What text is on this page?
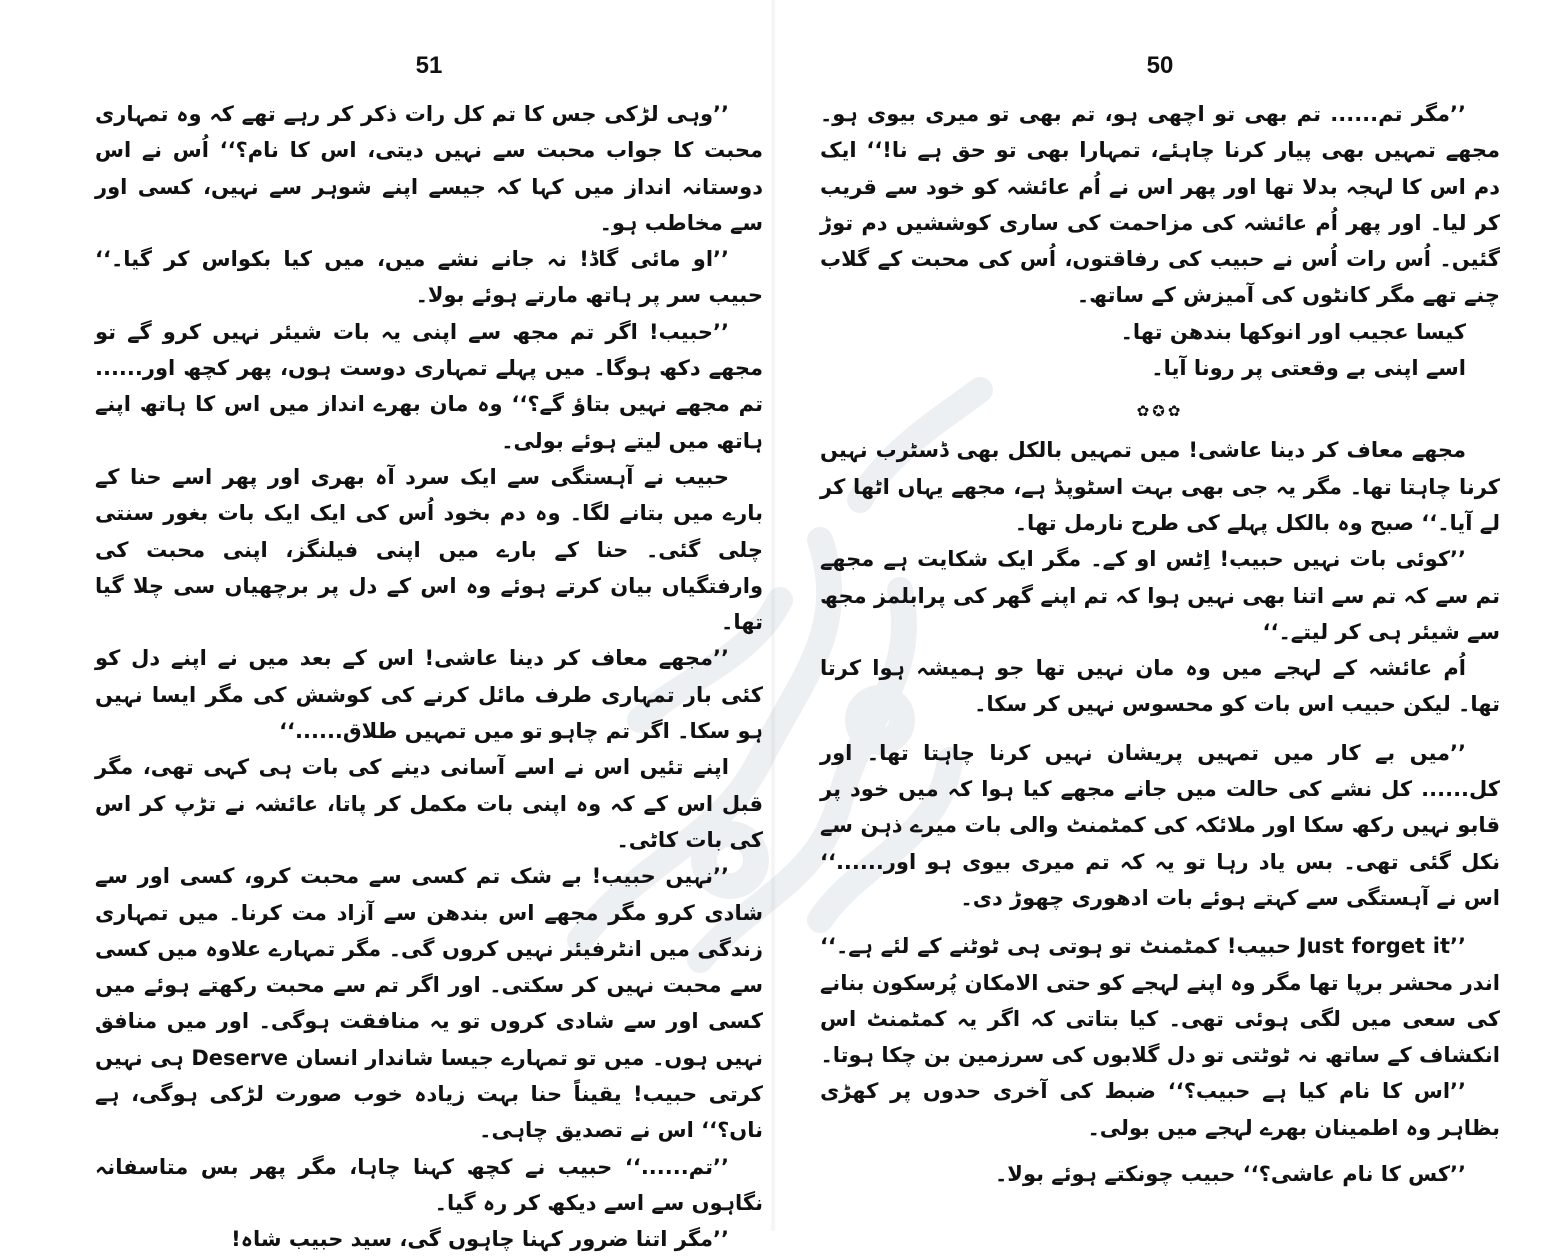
51

’’وہی لڑکی جس کا تم کل رات ذکر کر رہے تھے کہ وہ تمہاری محبت کا جواب محبت سے نہیں دیتی، اس کا نام؟‘‘ اُس نے اس دوستانہ انداز میں کہا کہ جیسے اپنے شوہر سے نہیں، کسی اور سے مخاطب ہو۔

’’او مائی گاڈ! نہ جانے نشے میں، میں کیا بکواس کر گیا۔‘‘ حبیب سر پر ہاتھ مارتے ہوئے بولا۔

’’حبیب! اگر تم مجھ سے اپنی یہ بات شیئر نہیں کرو گے تو مجھے دکھ ہوگا۔ میں پہلے تمہاری دوست ہوں، پھر کچھ اور...... تم مجھے نہیں بتاؤ گے؟‘‘ وہ مان بھرے انداز میں اس کا ہاتھ اپنے ہاتھ میں لیتے ہوئے بولی۔

حبیب نے آہستگی سے ایک سرد آہ بھری اور پھر اسے حنا کے بارے میں بتانے لگا۔ وہ دم بخود اُس کی ایک ایک بات بغور سنتی چلی گئی۔ حنا کے بارے میں اپنی فیلنگز، اپنی محبت کی وارفتگیاں بیان کرتے ہوئے وہ اس کے دل پر برچھیاں سی چلا گیا تھا۔

’’مجھے معاف کر دینا عاشی! اس کے بعد میں نے اپنے دل کو کئی بار تمہاری طرف مائل کرنے کی کوشش کی مگر ایسا نہیں ہو سکا۔ اگر تم چاہو تو میں تمہیں طلاق......‘‘

اپنے تئیں اس نے اسے آسانی دینے کی بات ہی کہی تھی، مگر قبل اس کے کہ وہ اپنی بات مکمل کر پاتا، عائشہ نے تڑپ کر اس کی بات کاٹی۔

’’نہیں حبیب! بے شک تم کسی سے محبت کرو، کسی اور سے شادی کرو مگر مجھے اس بندھن سے آزاد مت کرنا۔ میں تمہاری زندگی میں انٹرفیئر نہیں کروں گی۔ مگر تمہارے علاوہ میں کسی سے محبت نہیں کر سکتی۔ اور اگر تم سے محبت رکھتے ہوئے میں کسی اور سے شادی کروں تو یہ منافقت ہوگی۔ اور میں منافق نہیں ہوں۔ میں تو تمہارے جیسا شاندار انسان Deserve ہی نہیں کرتی حبیب! یقیناً حنا بہت زیادہ خوب صورت لڑکی ہوگی، ہے ناں؟‘‘ اس نے تصدیق چاہی۔

’’تم......‘‘ حبیب نے کچھ کہنا چاہا، مگر پھر بس متاسفانہ نگاہوں سے اسے دیکھ کر رہ گیا۔

’’مگر اتنا ضرور کہنا چاہوں گی، سید حبیب شاہ!

50

’’مگر تم...... تم بھی تو اچھی ہو، تم بھی تو میری بیوی ہو۔ مجھے تمہیں بھی پیار کرنا چاہئے، تمہارا بھی تو حق ہے نا!‘‘ ایک دم اس کا لہجہ بدلا تھا اور پھر اس نے اُم عائشہ کو خود سے قریب کر لیا۔ اور پھر اُم عائشہ کی مزاحمت کی ساری کوششیں دم توڑ گئیں۔ اُس رات اُس نے حبیب کی رفاقتوں، اُس کی محبت کے گلاب چنے تھے مگر کانٹوں کی آمیزش کے ساتھ۔

کیسا عجیب اور انوکھا بندھن تھا۔

اسے اپنی بے وقعتی پر رونا آیا۔

✿✪✿

مجھے معاف کر دینا عاشی! میں تمہیں بالکل بھی ڈسٹرب نہیں کرنا چاہتا تھا۔ مگر یہ جی بھی بہت اسٹوپڈ ہے، مجھے یہاں اٹھا کر لے آیا۔‘‘ صبح وہ بالکل پہلے کی طرح نارمل تھا۔

’’کوئی بات نہیں حبیب! اِٹس او کے۔ مگر ایک شکایت ہے مجھے تم سے کہ تم سے اتنا بھی نہیں ہوا کہ تم اپنے گھر کی پرابلمز مجھ سے شیئر ہی کر لیتے۔‘‘

اُم عائشہ کے لہجے میں وہ مان نہیں تھا جو ہمیشہ ہوا کرتا تھا۔ لیکن حبیب اس بات کو محسوس نہیں کر سکا۔

’’میں بے کار میں تمہیں پریشان نہیں کرنا چاہتا تھا۔ اور کل...... کل نشے کی حالت میں جانے مجھے کیا ہوا کہ میں خود پر قابو نہیں رکھ سکا اور ملائکہ کی کمٹمنٹ والی بات میرے ذہن سے نکل گئی تھی۔ بس یاد رہا تو یہ کہ تم میری بیوی ہو اور......‘‘ اس نے آہستگی سے کہتے ہوئے بات ادھوری چھوڑ دی۔

’’Just forget it حبیب! کمٹمنٹ تو ہوتی ہی ٹوٹنے کے لئے ہے۔‘‘ اندر محشر برپا تھا مگر وہ اپنے لہجے کو حتی الامکان پُرسکون بنانے کی سعی میں لگی ہوئی تھی۔ کیا بتاتی کہ اگر یہ کمٹمنٹ اس انکشاف کے ساتھ نہ ٹوٹتی تو دل گلابوں کی سرزمین بن چکا ہوتا۔

’’اس کا نام کیا ہے حبیب؟‘‘ ضبط کی آخری حدوں پر کھڑی بظاہر وہ اطمینان بھرے لہجے میں بولی۔

’’کس کا نام عاشی؟‘‘ حبیب چونکتے ہوئے بولا۔
